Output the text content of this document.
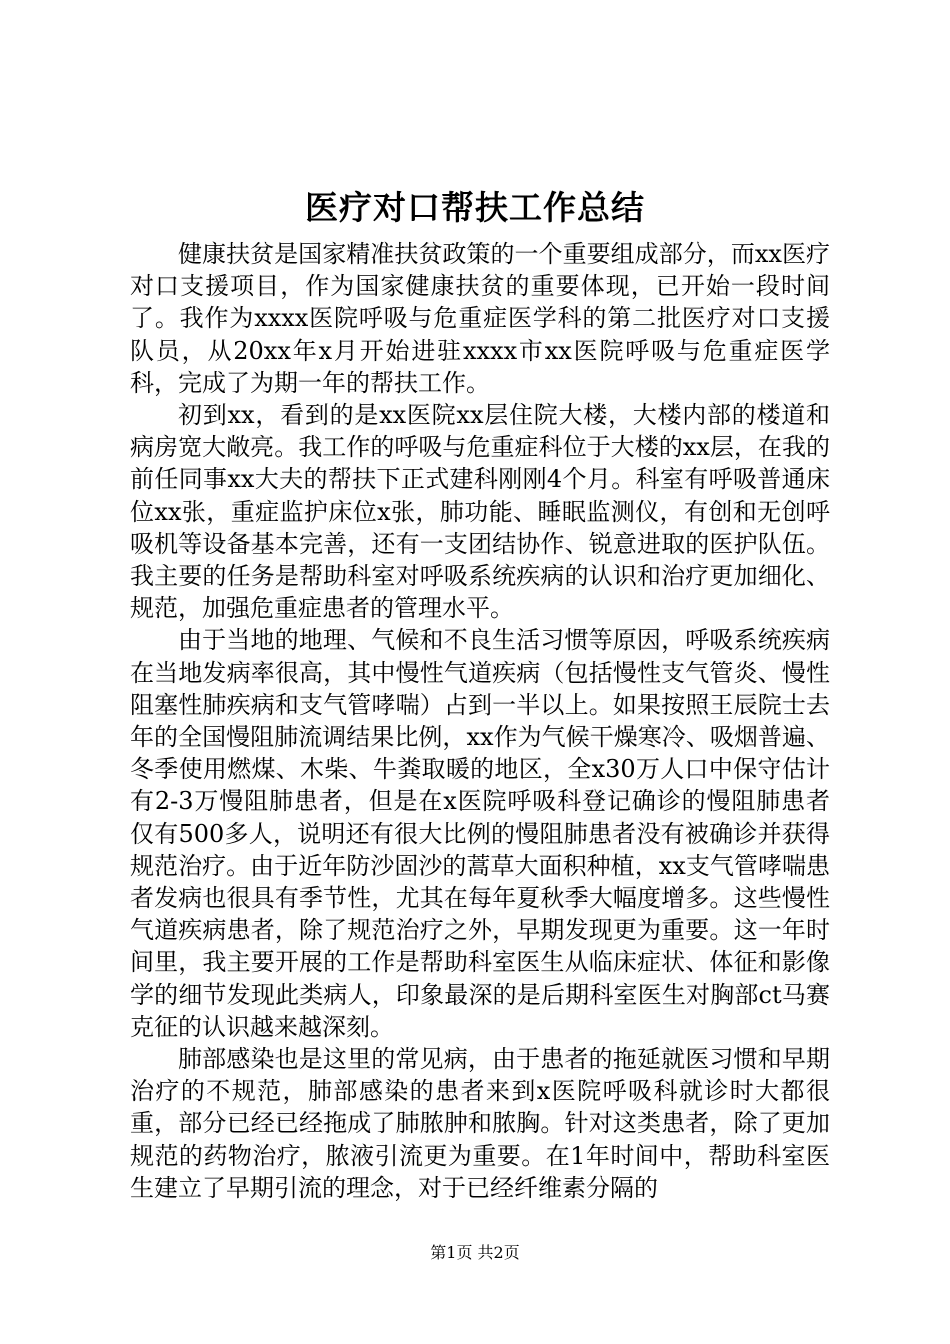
医疗对口帮扶工作总结

健康扶贫是国家精准扶贫政策的一个重要组成部分，而xx医疗对口支援项目，作为国家健康扶贫的重要体现，已开始一段时间了。我作为xxxx医院呼吸与危重症医学科的第二批医疗对口支援队员，从20xx年x月开始进驻xxxx市xx医院呼吸与危重症医学科，完成了为期一年的帮扶工作。

初到xx，看到的是xx医院xx层住院大楼，大楼内部的楼道和病房宽大敞亮。我工作的呼吸与危重症科位于大楼的xx层，在我的前任同事xx大夫的帮扶下正式建科刚刚4个月。科室有呼吸普通床位xx张，重症监护床位x张，肺功能、睡眠监测仪，有创和无创呼吸机等设备基本完善，还有一支团结协作、锐意进取的医护队伍。我主要的任务是帮助科室对呼吸系统疾病的认识和治疗更加细化、规范，加强危重症患者的管理水平。

由于当地的地理、气候和不良生活习惯等原因，呼吸系统疾病在当地发病率很高，其中慢性气道疾病（包括慢性支气管炎、慢性阻塞性肺疾病和支气管哮喘）占到一半以上。如果按照王辰院士去年的全国慢阻肺流调结果比例，xx作为气候干燥寒冷、吸烟普遍、冬季使用燃煤、木柴、牛粪取暖的地区，全x30万人口中保守估计有2-3万慢阻肺患者，但是在x医院呼吸科登记确诊的慢阻肺患者仅有500多人，说明还有很大比例的慢阻肺患者没有被确诊并获得规范治疗。由于近年防沙固沙的蒿草大面积种植，xx支气管哮喘患者发病也很具有季节性，尤其在每年夏秋季大幅度增多。这些慢性气道疾病患者，除了规范治疗之外，早期发现更为重要。这一年时间里，我主要开展的工作是帮助科室医生从临床症状、体征和影像学的细节发现此类病人，印象最深的是后期科室医生对胸部ct马赛克征的认识越来越深刻。

肺部感染也是这里的常见病，由于患者的拖延就医习惯和早期治疗的不规范，肺部感染的患者来到x医院呼吸科就诊时大都很重，部分已经已经拖成了肺脓肿和脓胸。针对这类患者，除了更加规范的药物治疗，脓液引流更为重要。在1年时间中，帮助科室医生建立了早期引流的理念，对于已经纤维素分隔的

第1页 共2页
